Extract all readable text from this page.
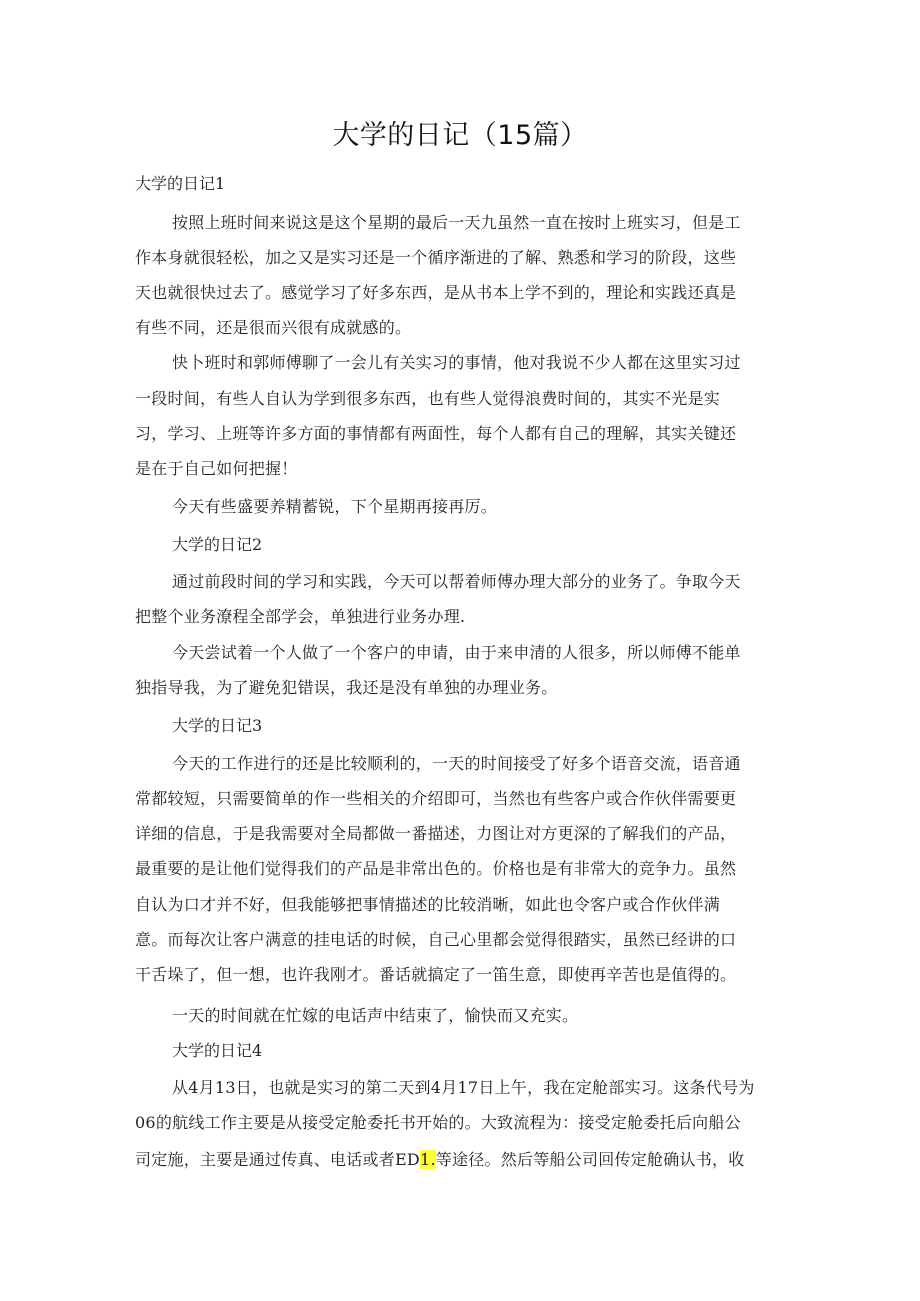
大学的日记（15篇）
大学的日记1
按照上班时间来说这是这个星期的最后一天九虽然一直在按时上班实习，但是工
作本身就很轻松，加之又是实习还是一个循序渐进的了解、熟悉和学习的阶段，这些
天也就很快过去了。感觉学习了好多东西，是从书本上学不到的，理论和实践还真是
有些不同，还是很而兴很有成就感的。
快卜班时和郭师傅聊了一会儿有关实习的事情，他对我说不少人都在这里实习过
一段时间，有些人自认为学到很多东西，也有些人觉得浪费时间的，其实不光是实
习，学习、上班等许多方面的事情都有两面性，每个人都有自己的理解，其实关键还
是在于自己如何把握！
今天有些盛要养精蓄锐，下个星期再接再厉。
大学的日记2
通过前段时间的学习和实践，今天可以帮着师傅办理大部分的业务了。争取今天
把整个业务潦程全部学会，单独进行业务办理.
今天尝试着一个人做了一个客户的申请，由于来申清的人很多，所以师傅不能单
独指导我，为了避免犯错误，我还是没有单独的办理业务。
大学的日记3
今天的工作进行的还是比较顺利的，一天的时间接受了好多个语音交流，语音通
常都较短，只需要简单的作一些相关的介绍即可，当然也有些客户或合作伙伴需要更
详细的信息，于是我需要对全局都做一番描述，力图让对方更深的了解我们的产品，
最重要的是让他们觉得我们的产品是非常出色的。价格也是有非常大的竞争力。虽然
自认为口才并不好，但我能够把事情描述的比较消晰，如此也令客户或合作伙伴满
意。而每次让客户满意的挂电话的时候，自己心里都会觉得很踏实，虽然已经讲的口
干舌垛了，但一想，也许我刚才。番话就搞定了一笛生意，即使再辛苦也是值得的。
一天的时间就在忙嫁的电话声中结束了，愉快而又充实。
大学的日记4
从4月13日，也就是实习的第二天到4月17日上午，我在定舱部实习。这条代号为
06的航线工作主要是从接受定舱委托书开始的。大致流程为：接受定舱委托后向船公
司定施，主要是通过传真、电话或者ED1.等途径。然后等船公司回传定舱确认书，收
